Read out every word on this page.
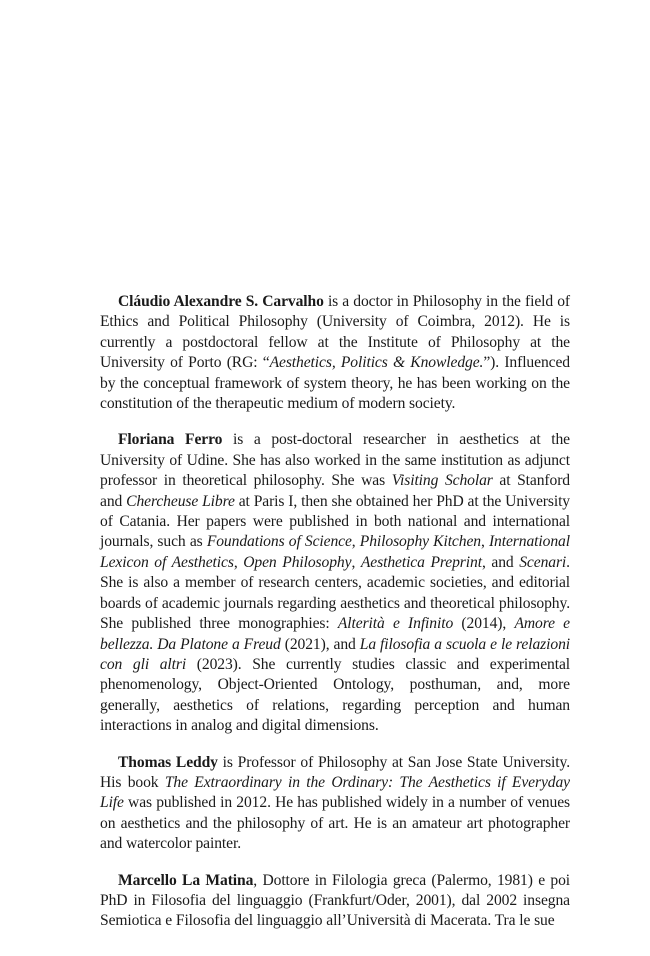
Cláudio Alexandre S. Carvalho is a doctor in Philosophy in the field of Ethics and Political Philosophy (University of Coimbra, 2012). He is currently a postdoctoral fellow at the Institute of Philosophy at the University of Porto (RG: “Aesthetics, Politics & Knowledge.”). Influenced by the conceptual framework of system theory, he has been working on the constitution of the therapeutic medium of modern society.

Floriana Ferro is a post-doctoral researcher in aesthetics at the University of Udine. She has also worked in the same institution as adjunct professor in theoretical philosophy. She was Visiting Scholar at Stanford and Chercheuse Libre at Paris I, then she obtained her PhD at the University of Catania. Her papers were published in both national and international journals, such as Foundations of Science, Philosophy Kitchen, International Lexicon of Aesthetics, Open Philosophy, Aesthetica Preprint, and Scenari. She is also a member of research centers, academic societies, and editorial boards of academic journals regarding aesthetics and theoretical philosophy. She published three monographies: Alterità e Infinito (2014), Amore e bellezza. Da Platone a Freud (2021), and La filosofia a scuola e le relazioni con gli altri (2023). She currently studies classic and experimental phenomenology, Object-Oriented Ontology, posthuman, and, more generally, aesthetics of relations, regarding perception and human interactions in analog and digital dimensions.

Thomas Leddy is Professor of Philosophy at San Jose State University. His book The Extraordinary in the Ordinary: The Aesthetics if Everyday Life was published in 2012. He has published widely in a number of venues on aesthetics and the philosophy of art. He is an amateur art photographer and watercolor painter.

Marcello La Matina, Dottore in Filologia greca (Palermo, 1981) e poi PhD in Filosofia del linguaggio (Frankfurt/Oder, 2001), dal 2002 insegna Semiotica e Filosofia del linguaggio all’Università di Macerata. Tra le sue
